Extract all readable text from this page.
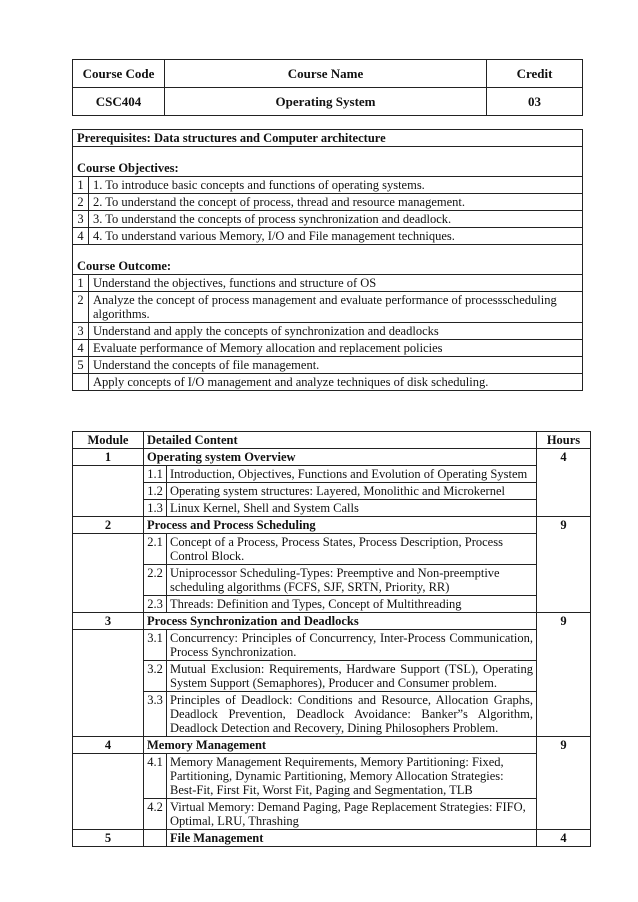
Course Code	Course Name	Credit
CSC404	Operating System	03
Prerequisites: Data structures and Computer architecture	

Course Objectives:	
1	1. To introduce basic concepts and functions of operating systems.
2	2. To understand the concept of process, thread and resource management.
3	3. To understand the concepts of process synchronization and deadlock.
4	4. To understand various Memory, I/O and File management techniques.

Course Outcome:	
1	Understand the objectives, functions and structure of OS
2	Analyze the concept of process management and evaluate performance of processscheduling algorithms.
3	Understand and apply the concepts of synchronization and deadlocks
4	Evaluate performance of Memory allocation and replacement policies
5	Understand the concepts of file management.
	Apply concepts of I/O management and analyze techniques of disk scheduling.
Module	Detailed Content		Hours
1	Operating system Overview		4
	1.1	Introduction, Objectives, Functions and Evolution of Operating System	
	1.2	Operating system structures: Layered, Monolithic and Microkernel	
	1.3	Linux Kernel, Shell and System Calls	
2	Process and Process Scheduling		9
	2.1	Concept of a Process, Process States, Process Description, Process Control Block.	
	2.2	Uniprocessor Scheduling-Types: Preemptive and Non-preemptive scheduling algorithms (FCFS, SJF, SRTN, Priority, RR)	
	2.3	Threads: Definition and Types, Concept of Multithreading	
3	Process Synchronization and Deadlocks		9
	3.1	Concurrency: Principles of Concurrency, Inter-Process Communication, Process Synchronization.	
	3.2	Mutual Exclusion: Requirements, Hardware Support (TSL), Operating System Support (Semaphores), Producer and Consumer problem.	
	3.3	Principles of Deadlock: Conditions and Resource, Allocation Graphs, Deadlock Prevention, Deadlock Avoidance: Banker”s Algorithm, Deadlock Detection and Recovery, Dining Philosophers Problem.	
4	Memory Management		9
	4.1	Memory Management Requirements, Memory Partitioning: Fixed, Partitioning, Dynamic Partitioning, Memory Allocation Strategies: Best-Fit, First Fit, Worst Fit, Paging and Segmentation, TLB	
	4.2	Virtual Memory: Demand Paging, Page Replacement Strategies: FIFO, Optimal, LRU, Thrashing	
5		File Management	4
